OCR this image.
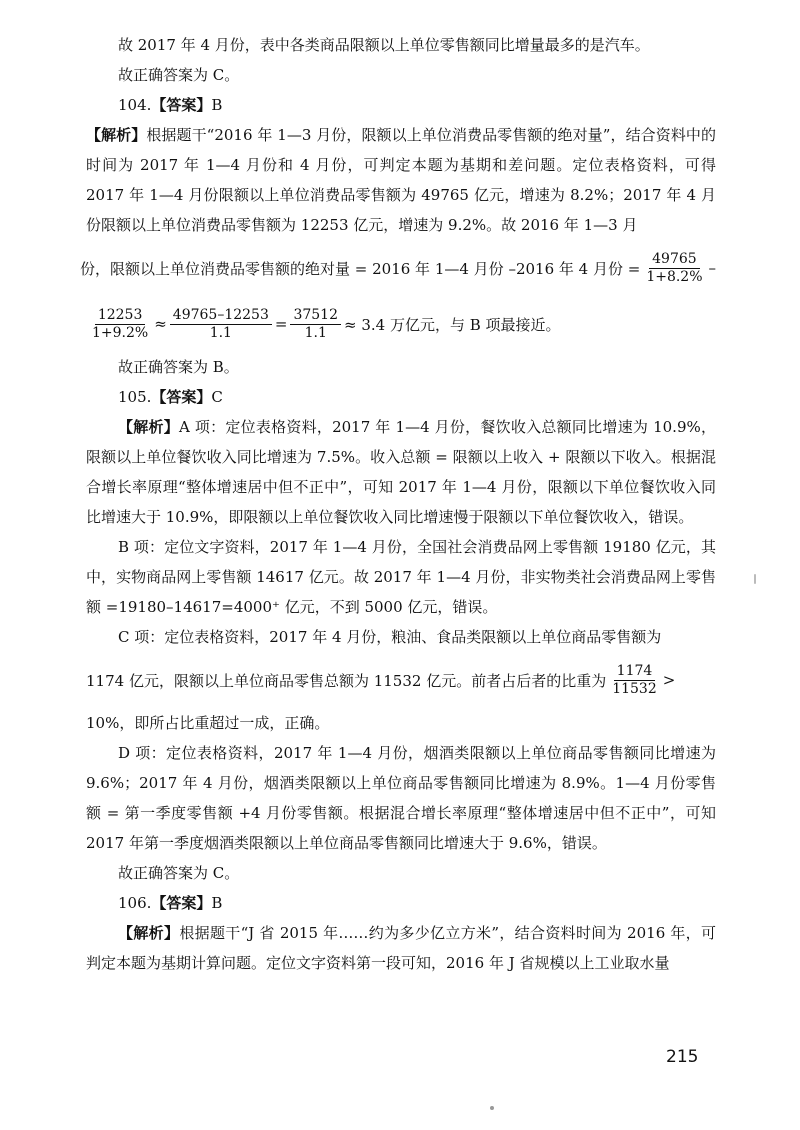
故 2017 年 4 月份，表中各类商品限额以上单位零售额同比增量最多的是汽车。

故正确答案为 C。

104.【答案】B

【解析】根据题干“2016 年 1—3 月份，限额以上单位消费品零售额的绝对量”，结合资料中的时间为 2017 年 1—4 月份和 4 月份，可判定本题为基期和差问题。定位表格资料，可得 2017 年 1—4 月份限额以上单位消费品零售额为 49765 亿元，增速为 8.2%；2017 年 4 月份限额以上单位消费品零售额为 12253 亿元，增速为 9.2%。故 2016 年 1—3 月

份，限额以上单位消费品零售额的绝对量 = 2016 年 1—4 月份 –2016 年 4 月份 = $\frac{49765}{1+8.2\%}$ –
$\frac{12253}{1+9.2\%} \approx \frac{49765-12253}{1.1} = \frac{37512}{1.1} \approx 3.4$ 万亿元，与 B 项最接近。

故正确答案为 B。

105.【答案】C

【解析】A 项：定位表格资料，2017 年 1—4 月份，餐饮收入总额同比增速为 10.9%，限额以上单位餐饮收入同比增速为 7.5%。收入总额 = 限额以上收入 + 限额以下收入。根据混合增长率原理“整体增速居中但不正中”，可知 2017 年 1—4 月份，限额以下单位餐饮收入同比增速大于 10.9%，即限额以上单位餐饮收入同比增速慢于限额以下单位餐饮收入，错误。

B 项：定位文字资料，2017 年 1—4 月份，全国社会消费品网上零售额 19180 亿元，其中，实物商品网上零售额 14617 亿元。故 2017 年 1—4 月份，非实物类社会消费品网上零售额 =19180–14617=4000⁺ 亿元，不到 5000 亿元，错误。

C 项：定位表格资料，2017 年 4 月份，粮油、食品类限额以上单位商品零售额为

1174 亿元，限额以上单位商品零售总额为 11532 亿元。前者占后者的比重为 $\frac{1174}{11532}$ >

10%，即所占比重超过一成，正确。

D 项：定位表格资料，2017 年 1—4 月份，烟酒类限额以上单位商品零售额同比增速为 9.6%；2017 年 4 月份，烟酒类限额以上单位商品零售额同比增速为 8.9%。1—4 月份零售额 = 第一季度零售额 +4 月份零售额。根据混合增长率原理“整体增速居中但不正中”，可知 2017 年第一季度烟酒类限额以上单位商品零售额同比增速大于 9.6%，错误。

故正确答案为 C。

106.【答案】B

【解析】根据题干“J 省 2015 年……约为多少亿立方米”，结合资料时间为 2016 年，可判定本题为基期计算问题。定位文字资料第一段可知，2016 年 J 省规模以上工业取水量

215
